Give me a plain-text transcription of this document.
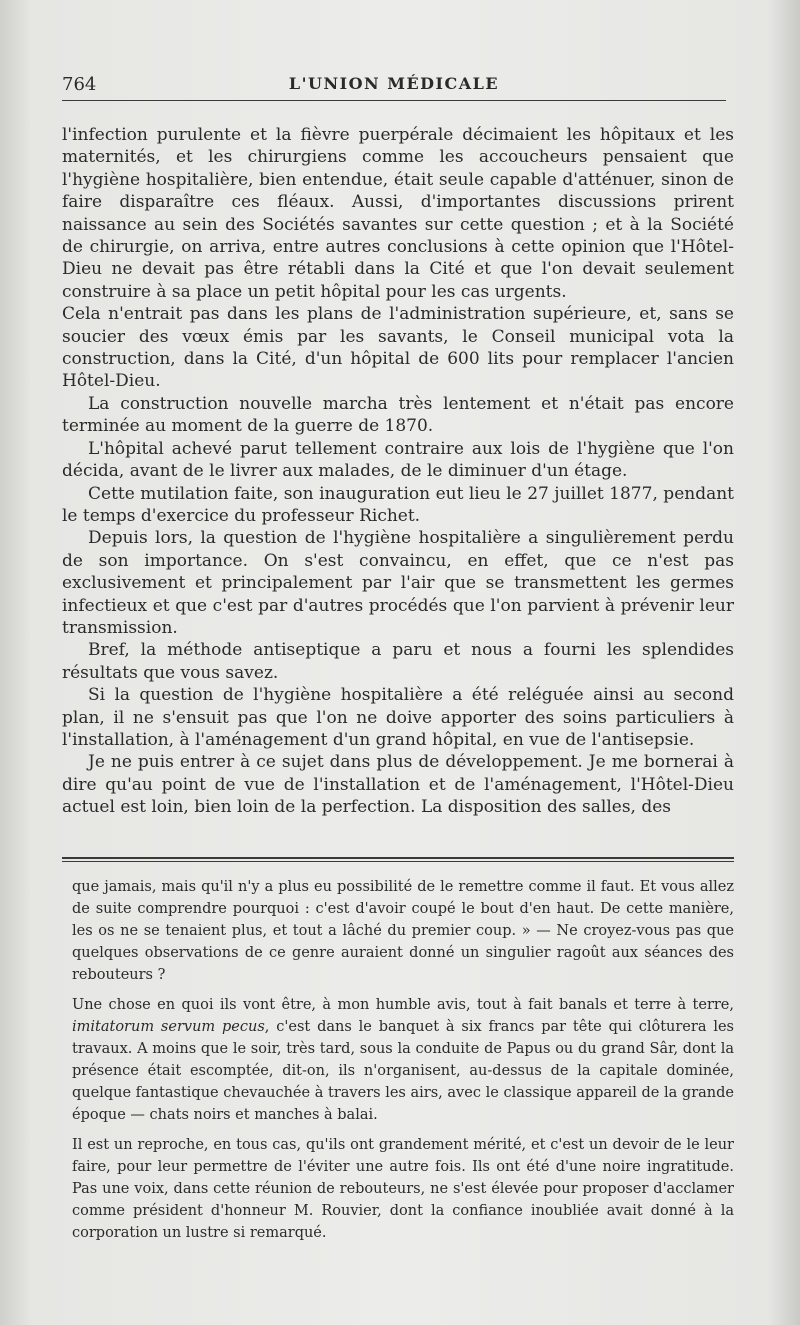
764	L'UNION MÉDICALE

l'infection purulente et la fièvre puerpérale décimaient les hôpitaux et les maternités, et les chirurgiens comme les accoucheurs pensaient que l'hygiène hospitalière, bien entendue, était seule capable d'atténuer, sinon de faire disparaître ces fléaux. Aussi, d'importantes discussions prirent naissance au sein des Sociétés savantes sur cette question ; et à la Société de chirurgie, on arriva, entre autres conclusions à cette opinion que l'Hôtel-Dieu ne devait pas être rétabli dans la Cité et que l'on devait seulement construire à sa place un petit hôpital pour les cas urgents.

Cela n'entrait pas dans les plans de l'administration supérieure, et, sans se soucier des vœux émis par les savants, le Conseil municipal vota la construction, dans la Cité, d'un hôpital de 600 lits pour remplacer l'ancien Hôtel-Dieu.

La construction nouvelle marcha très lentement et n'était pas encore terminée au moment de la guerre de 1870.

L'hôpital achevé parut tellement contraire aux lois de l'hygiène que l'on décida, avant de le livrer aux malades, de le diminuer d'un étage.

Cette mutilation faite, son inauguration eut lieu le 27 juillet 1877, pendant le temps d'exercice du professeur Richet.

Depuis lors, la question de l'hygiène hospitalière a singulièrement perdu de son importance. On s'est convaincu, en effet, que ce n'est pas exclusivement et principalement par l'air que se transmettent les germes infectieux et que c'est par d'autres procédés que l'on parvient à prévenir leur transmission.

Bref, la méthode antiseptique a paru et nous a fourni les splendides résultats que vous savez.

Si la question de l'hygiène hospitalière a été reléguée ainsi au second plan, il ne s'ensuit pas que l'on ne doive apporter des soins particuliers à l'installation, à l'aménagement d'un grand hôpital, en vue de l'antisepsie.

Je ne puis entrer à ce sujet dans plus de développement. Je me bornerai à dire qu'au point de vue de l'installation et de l'aménagement, l'Hôtel-Dieu actuel est loin, bien loin de la perfection. La disposition des salles, des

que jamais, mais qu'il n'y a plus eu possibilité de le remettre comme il faut. Et vous allez de suite comprendre pourquoi : c'est d'avoir coupé le bout d'en haut. De cette manière, les os ne se tenaient plus, et tout a lâché du premier coup. » — Ne croyez-vous pas que quelques observations de ce genre auraient donné un singulier ragoût aux séances des rebouteurs ?

Une chose en quoi ils vont être, à mon humble avis, tout à fait banals et terre à terre, imitatorum servum pecus, c'est dans le banquet à six francs par tête qui clôturera les travaux. A moins que le soir, très tard, sous la conduite de Papus ou du grand Sâr, dont la présence était escomptée, dit-on, ils n'organisent, au-dessus de la capitale dominée, quelque fantastique chevauchée à travers les airs, avec le classique appareil de la grande époque — chats noirs et manches à balai.

Il est un reproche, en tous cas, qu'ils ont grandement mérité, et c'est un devoir de le leur faire, pour leur permettre de l'éviter une autre fois. Ils ont été d'une noire ingratitude. Pas une voix, dans cette réunion de rebouteurs, ne s'est élevée pour proposer d'acclamer comme président d'honneur M. Rouvier, dont la confiance inoubliée avait donné à la corporation un lustre si remarqué.
